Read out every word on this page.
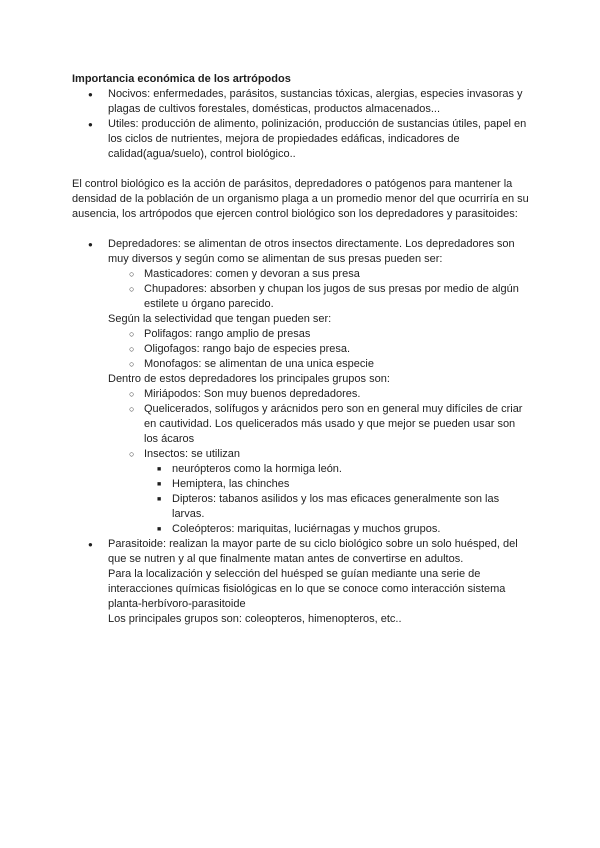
Importancia económica de los artrópodos
● Nocivos: enfermedades, parásitos, sustancias tóxicas, alergias, especies invasoras y plagas de cultivos forestales, domésticas, productos almacenados...
● Utiles: producción de alimento, polinización, producción de sustancias útiles, papel en los ciclos de nutrientes, mejora de propiedades edáficas, indicadores de calidad(agua/suelo), control biológico..

El control biológico es la acción de parásitos, depredadores o patógenos para mantener la densidad de la población de un organismo plaga a un promedio menor del que ocurriría en su ausencia, los artrópodos que ejercen control biológico son los depredadores y parasitoides:

● Depredadores: se alimentan de otros insectos directamente. Los depredadores son muy diversos y según como se alimentan de sus presas pueden ser:
○ Masticadores: comen y devoran a sus presa
○ Chupadores: absorben y chupan los jugos de sus presas por medio de algún estilete u órgano parecido.
Según la selectividad que tengan pueden ser:
○ Polifagos: rango amplio de presas
○ Oligofagos: rango bajo de especies presa.
○ Monofagos: se alimentan de una unica especie
Dentro de estos depredadores los principales grupos son:
○ Miriápodos: Son muy buenos depredadores.
○ Quelicerados, solífugos y arácnidos pero son en general muy difíciles de criar en cautividad. Los quelicerados más usado y que mejor se pueden usar son los ácaros
○ Insectos: se utilizan
■ neurópteros como la hormiga león.
■ Hemiptera, las chinches
■ Dipteros: tabanos asilidos y los mas eficaces generalmente son las larvas.
■ Coleópteros: mariquitas, luciérnagas y muchos grupos.
● Parasitoide: realizan la mayor parte de su ciclo biológico sobre un solo huésped, del que se nutren y al que finalmente matan antes de convertirse en adultos.
Para la localización y selección del huésped se guían mediante una serie de interacciones químicas fisiológicas en lo que se conoce como interacción sistema planta-herbívoro-parasitoide
Los principales grupos son: coleopteros, himenopteros, etc..
